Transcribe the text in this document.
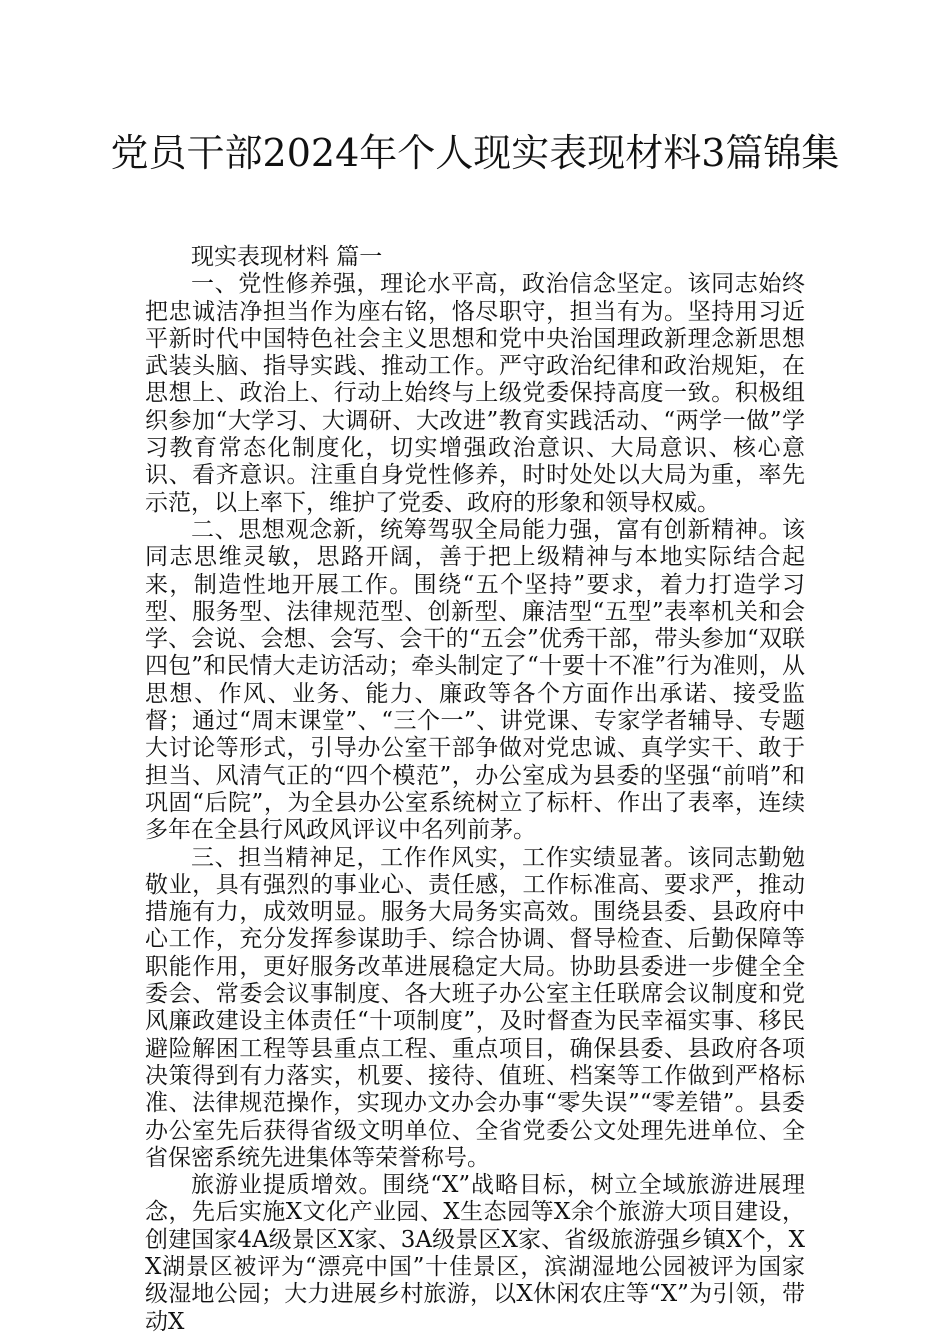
党员干部2024年个人现实表现材料3篇锦集

现实表现材料 篇一

一、党性修养强，理论水平高，政治信念坚定。该同志始终把忠诚洁净担当作为座右铭，恪尽职守，担当有为。坚持用习近平新时代中国特色社会主义思想和党中央治国理政新理念新思想武装头脑、指导实践、推动工作。严守政治纪律和政治规矩，在思想上、政治上、行动上始终与上级党委保持高度一致。积极组织参加“大学习、大调研、大改进”教育实践活动、“两学一做”学习教育常态化制度化，切实增强政治意识、大局意识、核心意识、看齐意识。注重自身党性修养，时时处处以大局为重，率先示范，以上率下，维护了党委、政府的形象和领导权威。

二、思想观念新，统筹驾驭全局能力强，富有创新精神。该同志思维灵敏，思路开阔，善于把上级精神与本地实际结合起来，制造性地开展工作。围绕“五个坚持”要求，着力打造学习型、服务型、法律规范型、创新型、廉洁型“五型”表率机关和会学、会说、会想、会写、会干的“五会”优秀干部，带头参加“双联四包”和民情大走访活动；牵头制定了“十要十不准”行为准则，从思想、作风、业务、能力、廉政等各个方面作出承诺、接受监督；通过“周末课堂”、“三个一”、讲党课、专家学者辅导、专题大讨论等形式，引导办公室干部争做对党忠诚、真学实干、敢于担当、风清气正的“四个模范”，办公室成为县委的坚强“前哨”和巩固“后院”，为全县办公室系统树立了标杆、作出了表率，连续多年在全县行风政风评议中名列前茅。

三、担当精神足，工作作风实，工作实绩显著。该同志勤勉敬业，具有强烈的事业心、责任感，工作标准高、要求严，推动措施有力，成效明显。服务大局务实高效。围绕县委、县政府中心工作，充分发挥参谋助手、综合协调、督导检查、后勤保障等职能作用，更好服务改革进展稳定大局。协助县委进一步健全全委会、常委会议事制度、各大班子办公室主任联席会议制度和党风廉政建设主体责任“十项制度”，及时督查为民幸福实事、移民避险解困工程等县重点工程、重点项目，确保县委、县政府各项决策得到有力落实，机要、接待、值班、档案等工作做到严格标准、法律规范操作，实现办文办会办事“零失误”“零差错”。县委办公室先后获得省级文明单位、全省党委公文处理先进单位、全省保密系统先进集体等荣誉称号。

旅游业提质增效。围绕“X”战略目标，树立全域旅游进展理念，先后实施X文化产业园、X生态园等X余个旅游大项目建设，创建国家4A级景区X家、3A级景区X家、省级旅游强乡镇X个，XX湖景区被评为“漂亮中国”十佳景区，滨湖湿地公园被评为国家级湿地公园；大力进展乡村旅游，以X休闲农庄等“X”为引领，带动X
